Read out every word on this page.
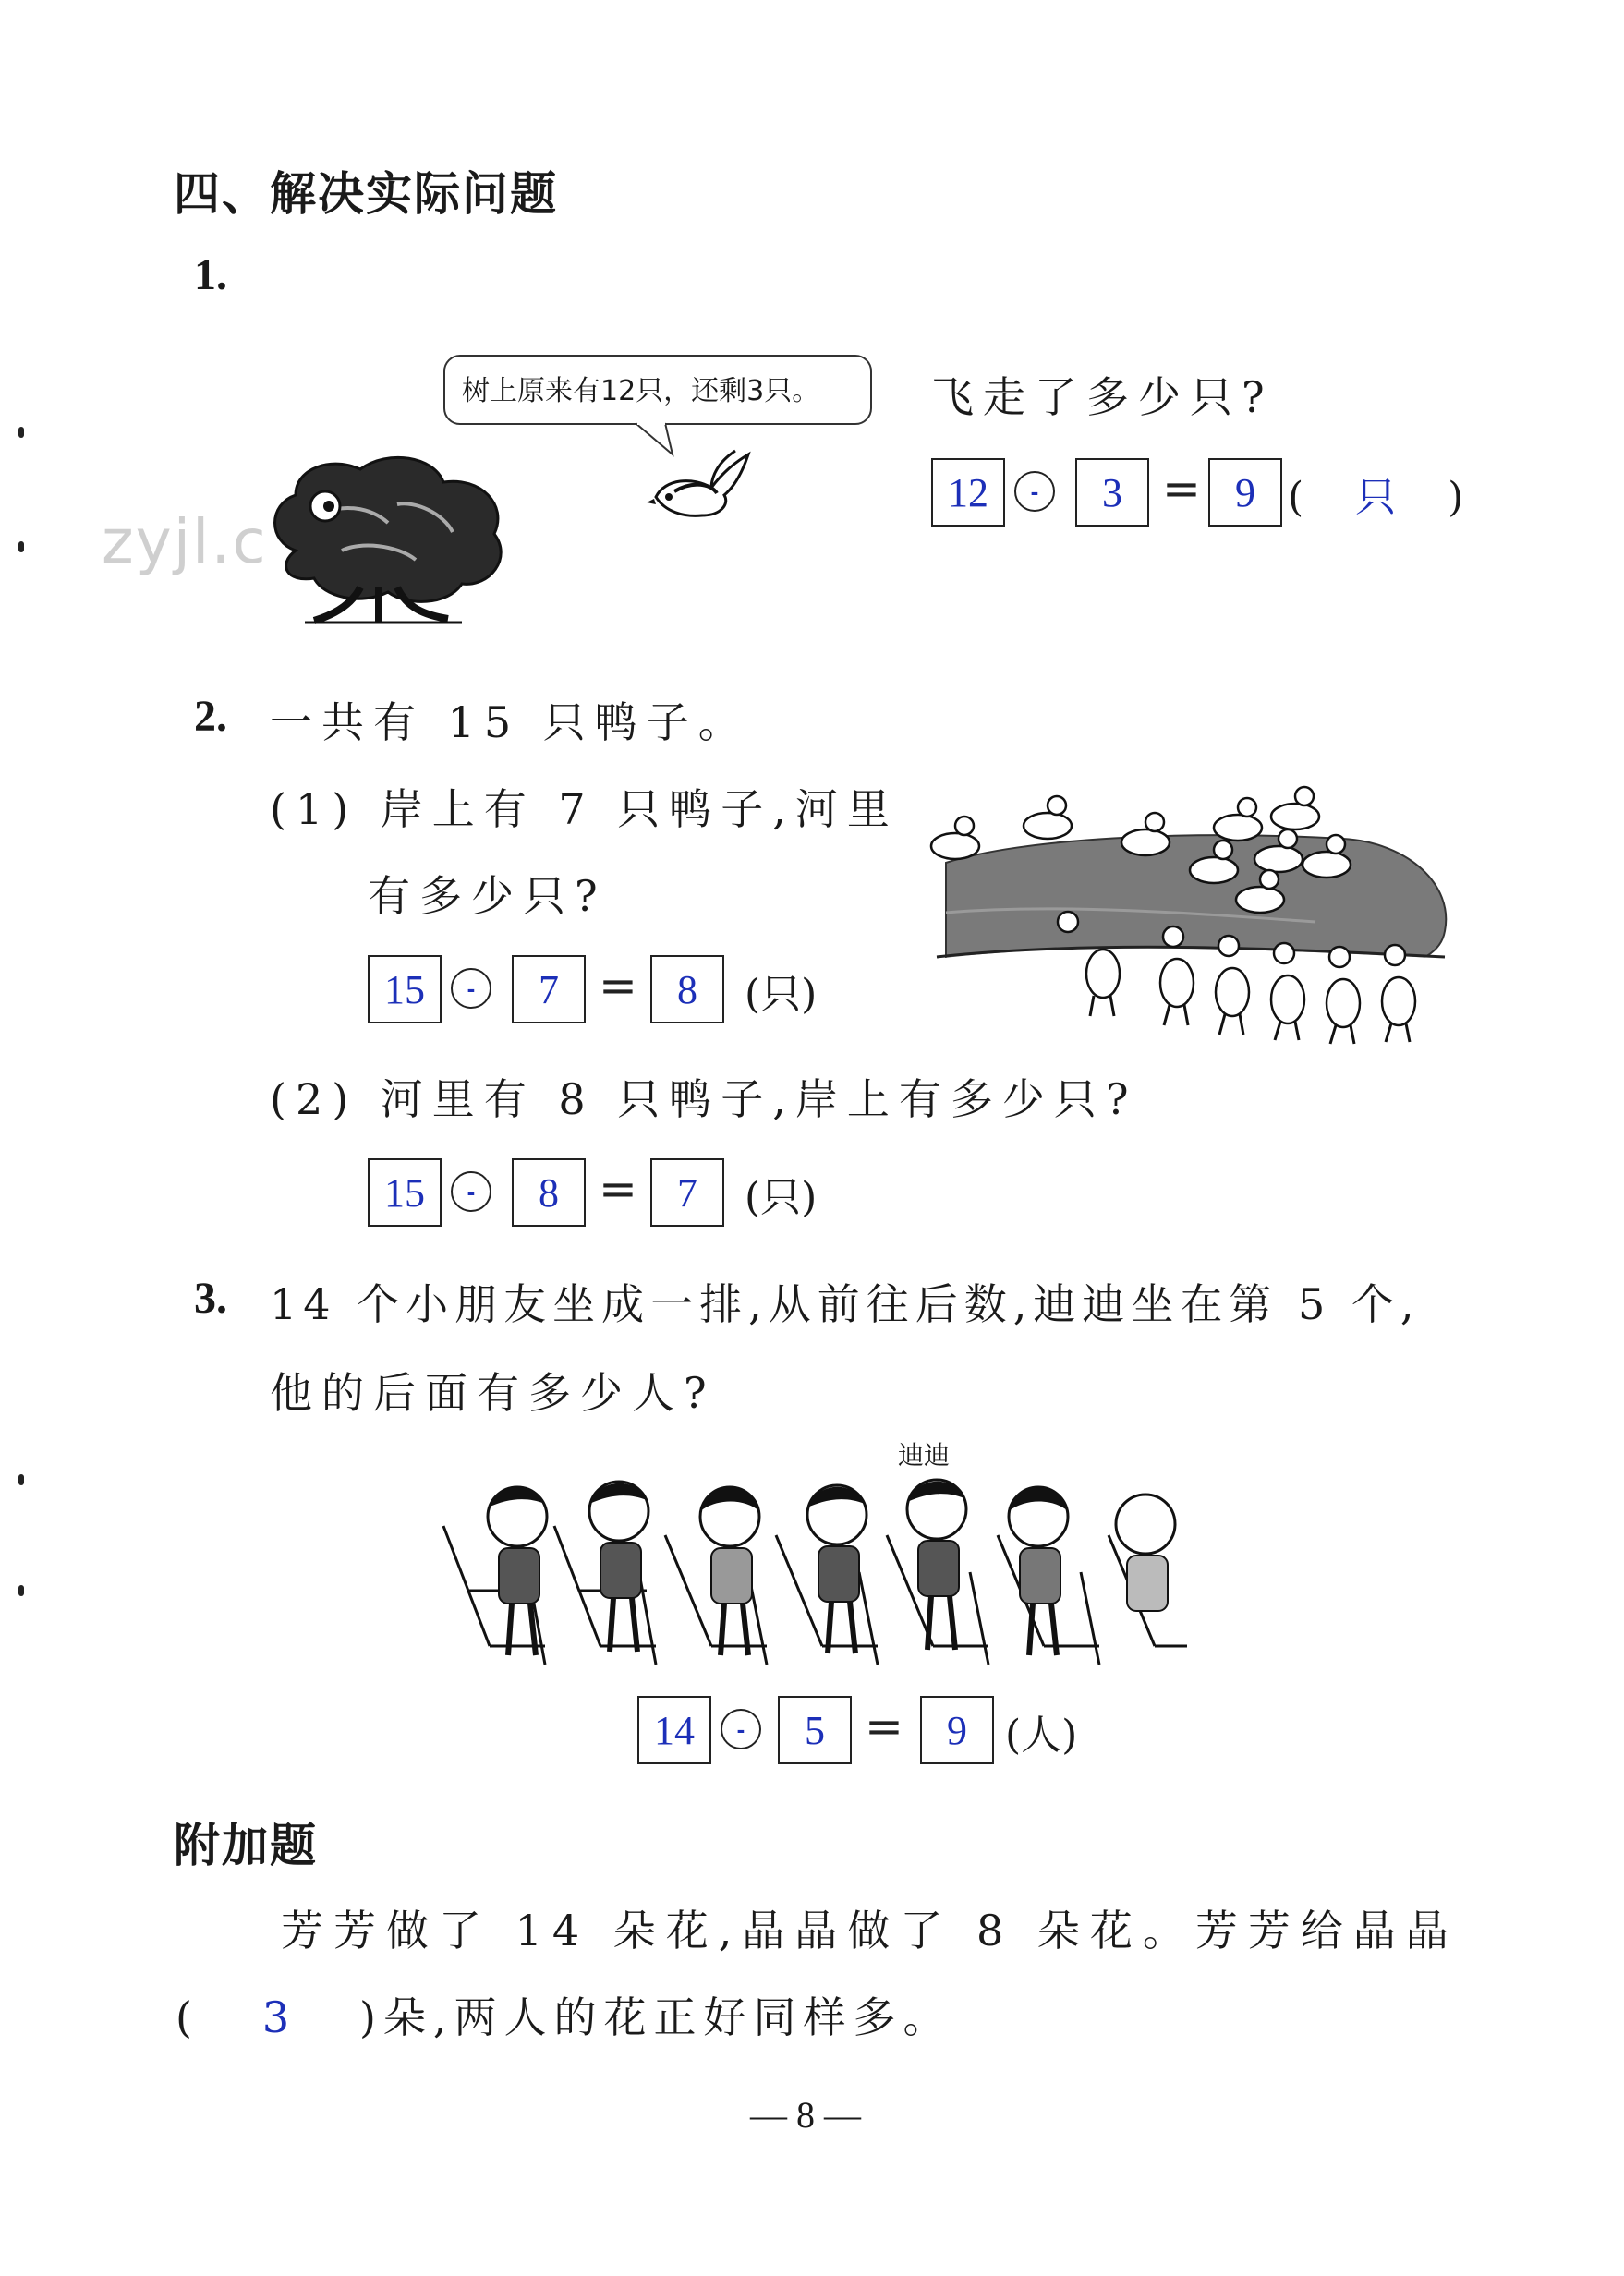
四、解决实际问题
1.
树上原来有12只，还剩3只。
zyjl.c
飞走了多少只?
12	-	3 = 9 ( 只 )
2. 一共有 15 只鸭子。
(1) 岸上有 7 只鸭子,河里
有多少只?
15	-	7 = 8	(只)
(2) 河里有 8 只鸭子,岸上有多少只?
15	-	8 = 7	(只)
3. 14 个小朋友坐成一排,从前往后数,迪迪坐在第 5 个,
他的后面有多少人?
迪迪
14	-	5 =	9 (人)
附加题
芳芳做了 14 朵花,晶晶做了 8 朵花。芳芳给晶晶
( 3 )朵,两人的花正好同样多。
— 8 —
